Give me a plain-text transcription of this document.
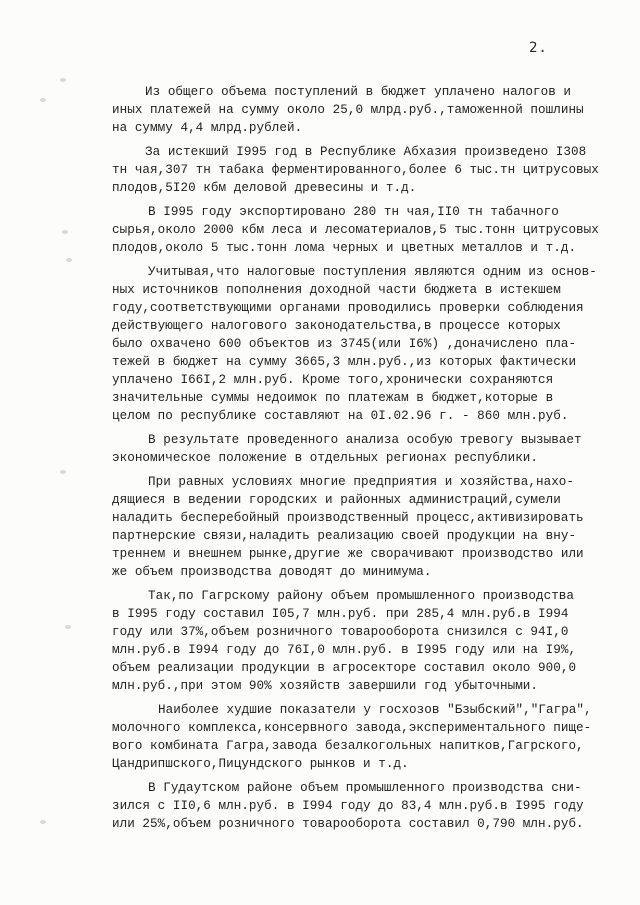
2.
Из общего объема поступлений в бюджет уплачено налогов и
иных платежей на сумму около 25,0 млрд.руб.,таможенной пошлины
на сумму 4,4 млрд.рублей.
За истекший I995 год в Республике Абхазия произведено I308
тн чая,307 тн табака ферментированного,более 6 тыс.тн цитрусовых
плодов,5I20 кбм деловой древесины и т.д.
В I995 году экспортировано 280 тн чая,II0 тн табачного
сырья,около 2000 кбм леса и лесоматериалов,5 тыс.тонн цитрусовых
плодов,около 5 тыс.тонн лома черных и цветных металлов и т.д.
Учитывая,что налоговые поступления являются одним из основ-
ных источников пополнения доходной части бюджета в истекшем
году,соответствующими органами проводились проверки соблюдения
действующего налогового законодательства,в процессе которых
было охвачено 600 объектов из 3745(или I6%) ,доначислено пла-
тежей в бюджет на сумму 3665,3 млн.руб.,из которых фактически
уплачено I66I,2 млн.руб. Кроме того,хронически сохраняются
значительные суммы недоимок по платежам в бюджет,которые в
целом по республике составляют на 0I.02.96 г. - 860 млн.руб.
В результате проведенного анализа особую тревогу вызывает
экономическое положение в отдельных регионах республики.
При равных условиях многие предприятия и хозяйства,нахо-
дящиеся в ведении городских и районных администраций,сумели
наладить бесперебойный производственный процесс,активизировать
партнерские связи,наладить реализацию своей продукции на вну-
треннем и внешнем рынке,другие же сворачивают производство или
же объем производства доводят до минимума.
Так,по Гагрскому району объем промышленного производства
в I995 году составил I05,7 млн.руб. при 285,4 млн.руб.в I994
году или 37%,объем розничного товарооборота снизился с 94I,0
млн.руб.в I994 году до 76I,0 млн.руб. в I995 году или на I9%,
объем реализации продукции в агросекторе составил около 900,0
млн.руб.,при этом 90% хозяйств завершили год убыточными.
Наиболее худшие показатели у госхозов "Бзыбский","Гагра",
молочного комплекса,консервного завода,экспериментального пище-
вого комбината Гагра,завода безалкогольных напитков,Гагрского,
Цандрипшского,Пицундского рынков и т.д.
В Гудаутском районе объем промышленного производства сни-
зился с II0,6 млн.руб. в I994 году до 83,4 млн.руб.в I995 году
или 25%,объем розничного товарооборота составил 0,790 млн.руб.
